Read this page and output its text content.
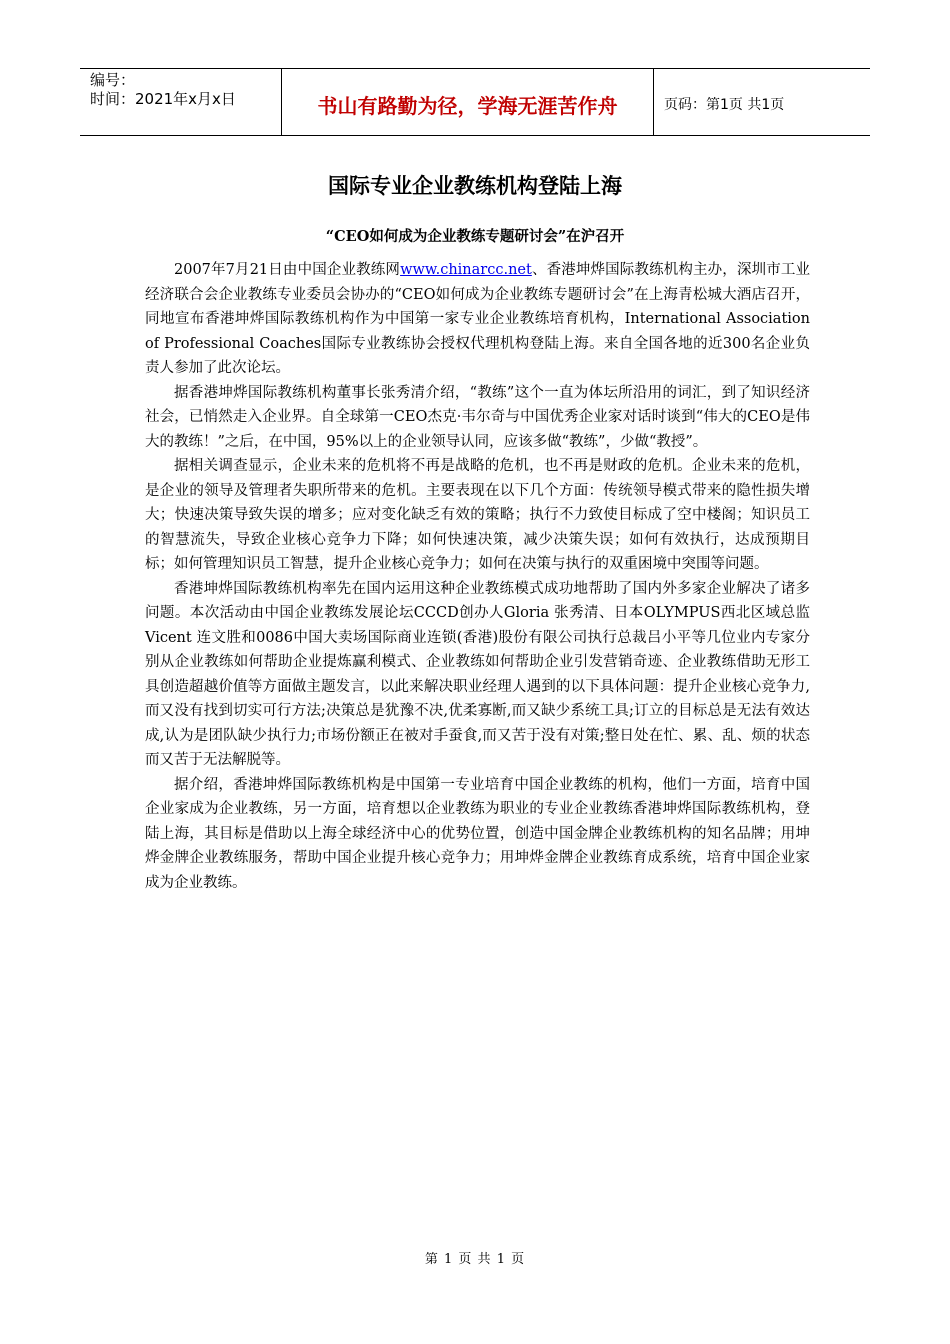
编号：
时间：2021年x月x日	书山有路勤为径，学海无涯苦作舟	页码：第1页 共1页
国际专业企业教练机构登陆上海
“CEO如何成为企业教练专题研讨会”在沪召开

2007年7月21日由中国企业教练网www.chinarcc.net、香港坤烨国际教练机构主办，深圳市工业经济联合会企业教练专业委员会协办的“CEO如何成为企业教练专题研讨会”在上海青松城大酒店召开，同地宣布香港坤烨国际教练机构作为中国第一家专业企业教练培育机构，International Association of Professional Coaches国际专业教练协会授权代理机构登陆上海。来自全国各地的近300名企业负责人参加了此次论坛。

据香港坤烨国际教练机构董事长张秀清介绍，“教练”这个一直为体坛所沿用的词汇，到了知识经济社会，已悄然走入企业界。自全球第一CEO杰克·韦尔奇与中国优秀企业家对话时谈到“伟大的CEO是伟大的教练！”之后，在中国，95%以上的企业领导认同，应该多做“教练”，少做“教授”。

据相关调查显示，企业未来的危机将不再是战略的危机，也不再是财政的危机。企业未来的危机，是企业的领导及管理者失职所带来的危机。主要表现在以下几个方面：传统领导模式带来的隐性损失增大；快速决策导致失误的增多；应对变化缺乏有效的策略；执行不力致使目标成了空中楼阁；知识员工的智慧流失，导致企业核心竞争力下降；如何快速决策，减少决策失误；如何有效执行，达成预期目标；如何管理知识员工智慧，提升企业核心竞争力；如何在决策与执行的双重困境中突围等问题。

香港坤烨国际教练机构率先在国内运用这种企业教练模式成功地帮助了国内外多家企业解决了诸多问题。本次活动由中国企业教练发展论坛CCCD创办人Gloria 张秀清、日本OLYMPUS西北区域总监Vicent 连文胜和0086中国大卖场国际商业连锁(香港)股份有限公司执行总裁吕小平等几位业内专家分别从企业教练如何帮助企业提炼赢利模式、企业教练如何帮助企业引发营销奇迹、企业教练借助无形工具创造超越价值等方面做主题发言，以此来解决职业经理人遇到的以下具体问题：提升企业核心竞争力,而又没有找到切实可行方法;决策总是犹豫不决,优柔寡断,而又缺少系统工具;订立的目标总是无法有效达成,认为是团队缺少执行力;市场份额正在被对手蚕食,而又苦于没有对策;整日处在忙、累、乱、烦的状态而又苦于无法解脱等。

据介绍，香港坤烨国际教练机构是中国第一专业培育中国企业教练的机构，他们一方面，培育中国企业家成为企业教练，另一方面，培育想以企业教练为职业的专业企业教练香港坤烨国际教练机构，登陆上海，其目标是借助以上海全球经济中心的优势位置，创造中国金牌企业教练机构的知名品牌；用坤烨金牌企业教练服务，帮助中国企业提升核心竞争力；用坤烨金牌企业教练育成系统，培育中国企业家成为企业教练。

第 1 页 共 1 页
